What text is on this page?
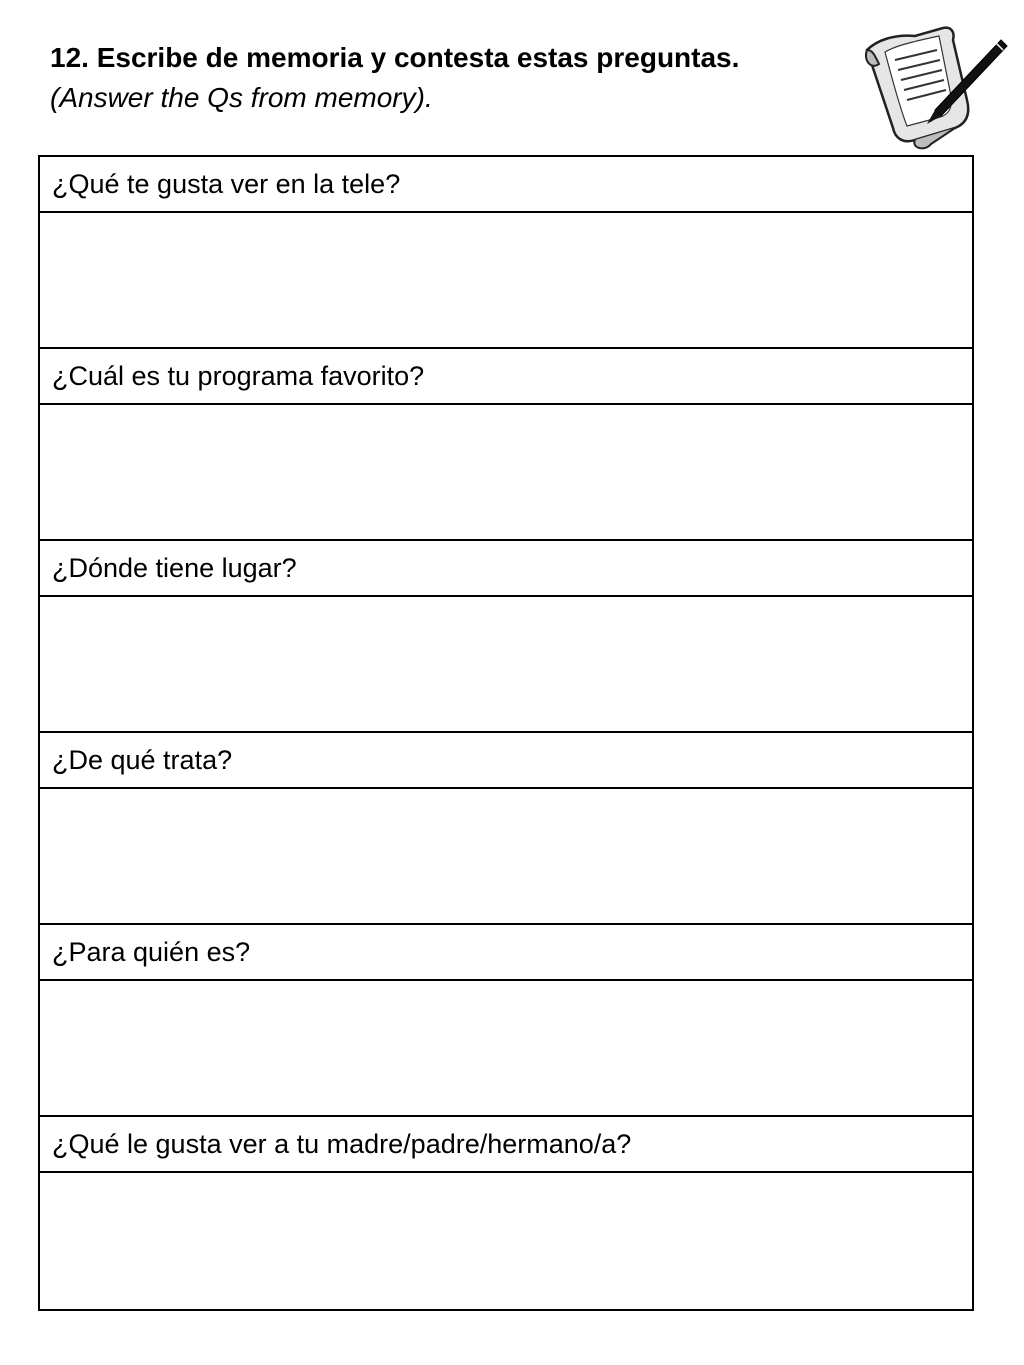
12. Escribe de memoria y contesta estas preguntas.
(Answer the Qs from memory).
¿Qué te gusta ver en la tele?
¿Cuál es tu programa favorito?
¿Dónde tiene lugar?
¿De qué trata?
¿Para quién es?
¿Qué le gusta ver a tu madre/padre/hermano/a?
